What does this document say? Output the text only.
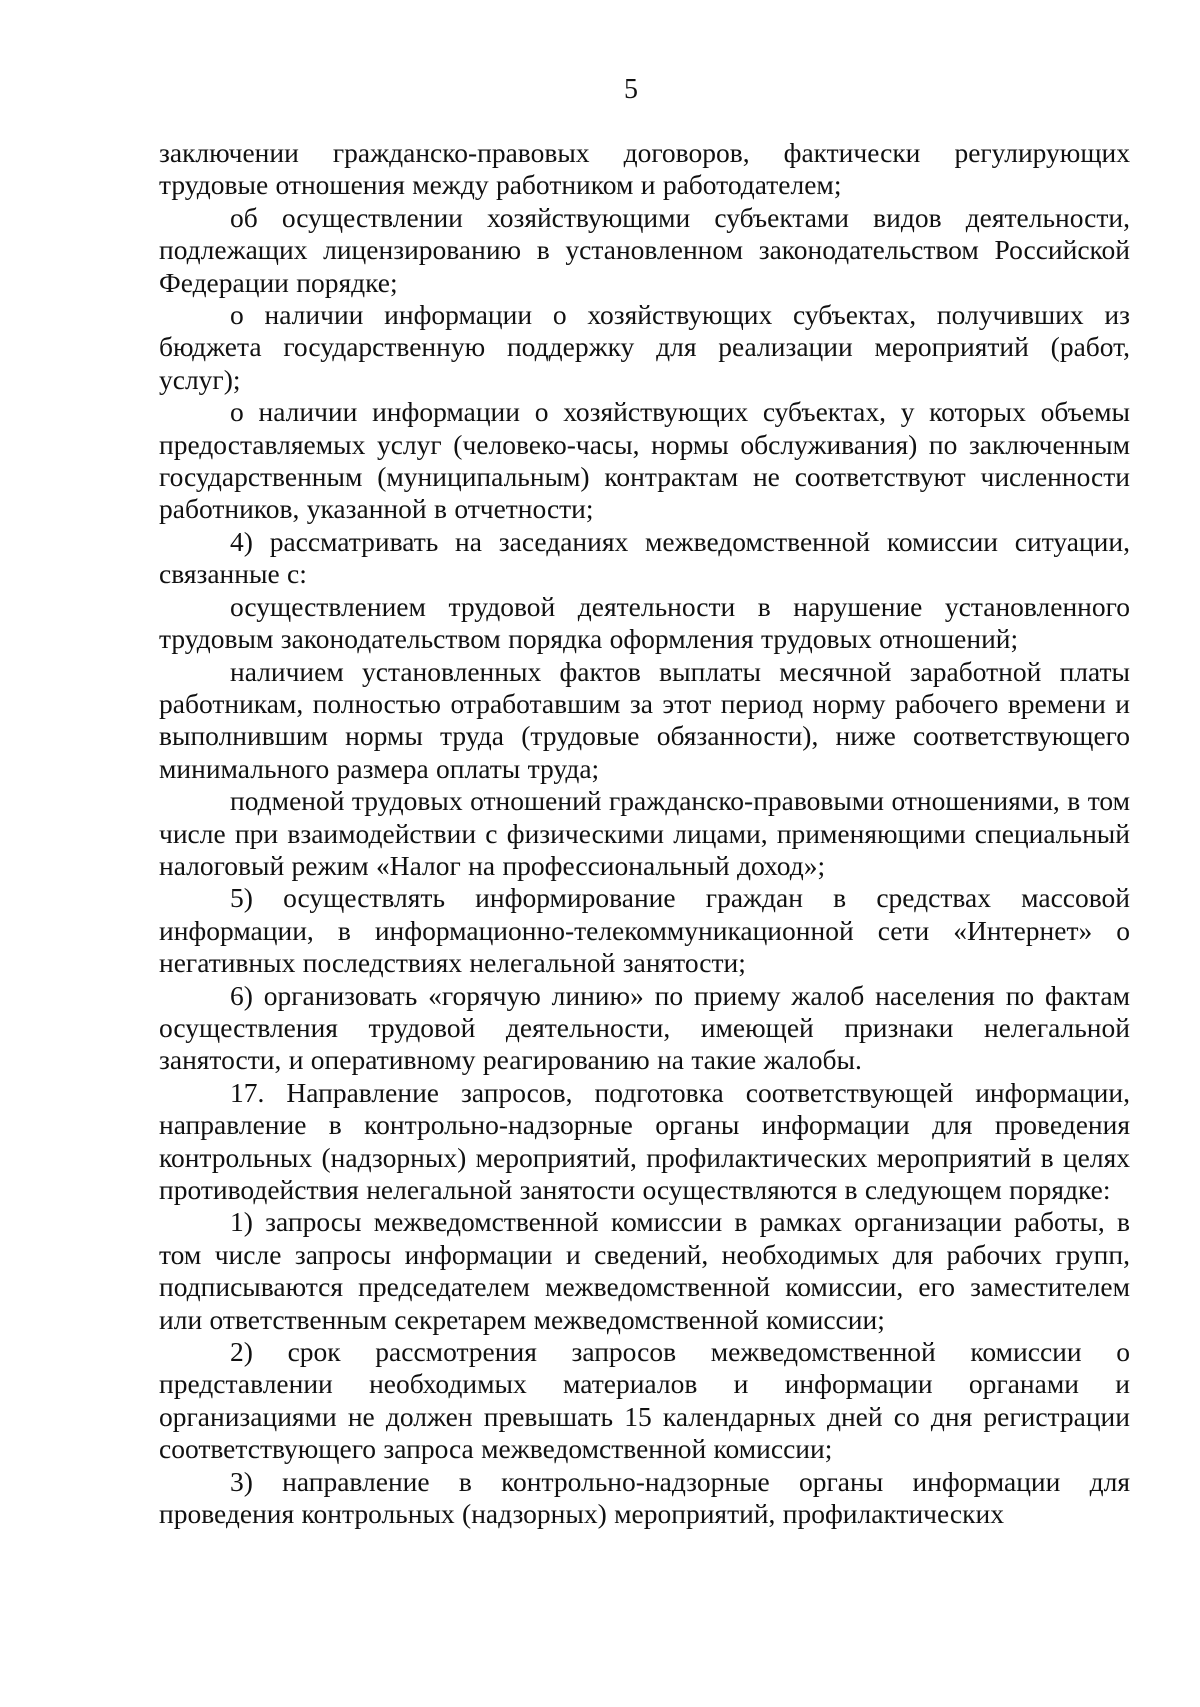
5

заключении гражданско-правовых договоров, фактически регулирующих трудовые отношения между работником и работодателем;

об осуществлении хозяйствующими субъектами видов деятельности, подлежащих лицензированию в установленном законодательством Российской Федерации порядке;

о наличии информации о хозяйствующих субъектах, получивших из бюджета государственную поддержку для реализации мероприятий (работ, услуг);

о наличии информации о хозяйствующих субъектах, у которых объемы предоставляемых услуг (человеко-часы, нормы обслуживания) по заключенным государственным (муниципальным) контрактам не соответствуют численности работников, указанной в отчетности;

4) рассматривать на заседаниях межведомственной комиссии ситуации, связанные с:

осуществлением трудовой деятельности в нарушение установленного трудовым законодательством порядка оформления трудовых отношений;

наличием установленных фактов выплаты месячной заработной платы работникам, полностью отработавшим за этот период норму рабочего времени и выполнившим нормы труда (трудовые обязанности), ниже соответствующего минимального размера оплаты труда;

подменой трудовых отношений гражданско-правовыми отношениями, в том числе при взаимодействии с физическими лицами, применяющими специальный налоговый режим «Налог на профессиональный доход»;

5) осуществлять информирование граждан в средствах массовой информации, в информационно-телекоммуникационной сети «Интернет» о негативных последствиях нелегальной занятости;

6) организовать «горячую линию» по приему жалоб населения по фактам осуществления трудовой деятельности, имеющей признаки нелегальной занятости, и оперативному реагированию на такие жалобы.

17. Направление запросов, подготовка соответствующей информации, направление в контрольно-надзорные органы информации для проведения контрольных (надзорных) мероприятий, профилактических мероприятий в целях противодействия нелегальной занятости осуществляются в следующем порядке:

1) запросы межведомственной комиссии в рамках организации работы, в том числе запросы информации и сведений, необходимых для рабочих групп, подписываются председателем межведомственной комиссии, его заместителем или ответственным секретарем межведомственной комиссии;

2) срок рассмотрения запросов межведомственной комиссии о представлении необходимых материалов и информации органами и организациями не должен превышать 15 календарных дней со дня регистрации соответствующего запроса межведомственной комиссии;

3) направление в контрольно-надзорные органы информации для проведения контрольных (надзорных) мероприятий, профилактических
